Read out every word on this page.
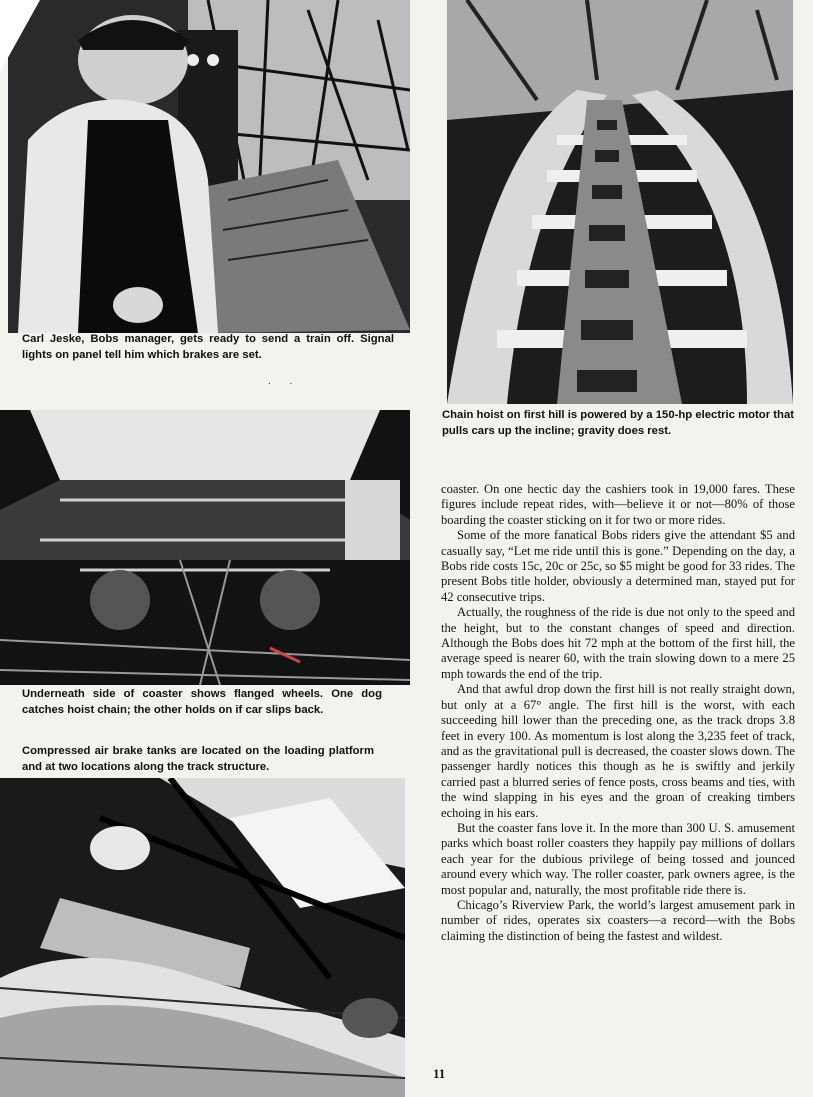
Carl Jeske, Bobs manager, gets ready to send a train off. Signal lights on panel tell him which brakes are set.
. .
Chain hoist on first hill is powered by a 150-hp electric motor that pulls cars up the incline; gravity does rest.
Underneath side of coaster shows flanged wheels. One dog catches hoist chain; the other holds on if car slips back.
Compressed air brake tanks are located on the loading platform and at two locations along the track structure.

coaster. On one hectic day the cashiers took in 19,000 fares. These figures include repeat rides, with—believe it or not—80% of those boarding the coaster sticking on it for two or more rides.

Some of the more fanatical Bobs riders give the attendant $5 and casually say, “Let me ride until this is gone.” Depending on the day, a Bobs ride costs 15c, 20c or 25c, so $5 might be good for 33 rides. The present Bobs title holder, obviously a determined man, stayed put for 42 consecutive trips.

Actually, the roughness of the ride is due not only to the speed and the height, but to the constant changes of speed and direction. Although the Bobs does hit 72 mph at the bottom of the first hill, the average speed is nearer 60, with the train slowing down to a mere 25 mph towards the end of the trip.

And that awful drop down the first hill is not really straight down, but only at a 67° angle. The first hill is the worst, with each succeeding hill lower than the preceding one, as the track drops 3.8 feet in every 100. As momentum is lost along the 3,235 feet of track, and as the gravitational pull is decreased, the coaster slows down. The passenger hardly notices this though as he is swiftly and jerkily carried past a blurred series of fence posts, cross beams and ties, with the wind slapping in his eyes and the groan of creaking timbers echoing in his ears.

But the coaster fans love it. In the more than 300 U. S. amusement parks which boast roller coasters they happily pay millions of dollars each year for the dubious privilege of being tossed and jounced around every which way. The roller coaster, park owners agree, is the most popular and, naturally, the most profitable ride there is.

Chicago’s Riverview Park, the world’s largest amusement park in number of rides, operates six coasters—a record—with the Bobs claiming the distinction of being the fastest and wildest.

11
